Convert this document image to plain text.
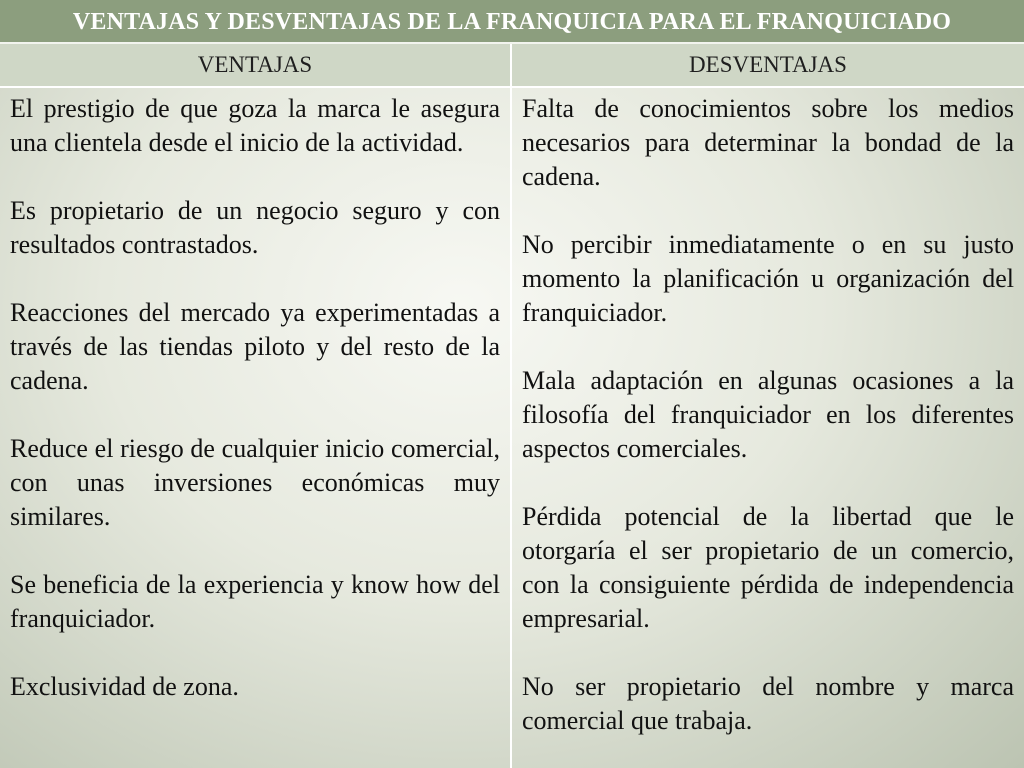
VENTAJAS Y DESVENTAJAS DE LA FRANQUICIA PARA EL FRANQUICIADO
VENTAJAS	DESVENTAJAS

El prestigio de que goza la marca le asegura una clientela desde el inicio de la actividad.

Es propietario de un negocio seguro y con resultados contrastados.

Reacciones del mercado ya experimentadas a través de las tiendas piloto y del resto de la cadena.

Reduce el riesgo de cualquier inicio comercial, con unas inversiones económicas muy similares.

Se beneficia de la experiencia y know how del franquiciador.

Exclusividad de zona.

Falta de conocimientos sobre los medios necesarios para determinar la bondad de la cadena.

No percibir inmediatamente o en su justo momento la planificación u organización del franquiciador.

Mala adaptación en algunas ocasiones a la filosofía del franquiciador en los diferentes aspectos comerciales.

Pérdida potencial de la libertad que le otorgaría el ser propietario de un comercio, con la consiguiente pérdida de independencia empresarial.

No ser propietario del nombre y marca comercial que trabaja.
